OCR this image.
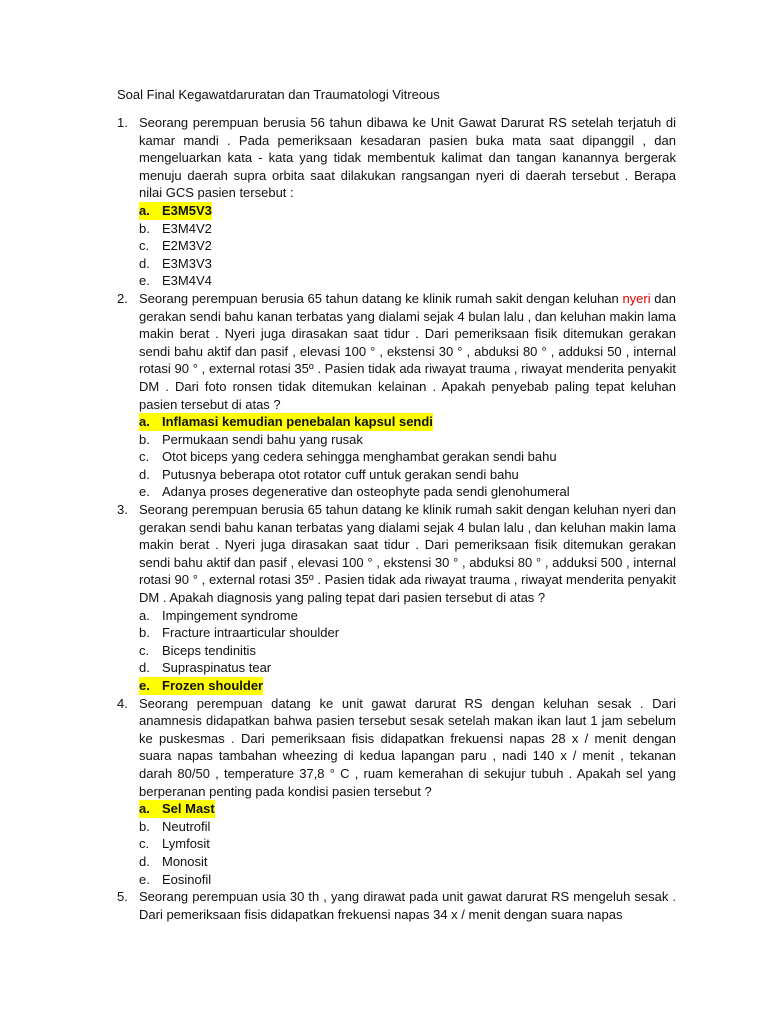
Soal Final Kegawatdaruratan dan Traumatologi Vitreous
1. Seorang perempuan berusia 56 tahun dibawa ke Unit Gawat Darurat RS setelah terjatuh di kamar mandi . Pada pemeriksaan kesadaran pasien buka mata saat dipanggil , dan mengeluarkan kata - kata yang tidak membentuk kalimat dan tangan kanannya bergerak menuju daerah supra orbita saat dilakukan rangsangan nyeri di daerah tersebut . Berapa nilai GCS pasien tersebut :
a. E3M5V3
b. E3M4V2
c. E2M3V2
d. E3M3V3
e. E3M4V4
2. Seorang perempuan berusia 65 tahun datang ke klinik rumah sakit dengan keluhan nyeri dan gerakan sendi bahu kanan terbatas yang dialami sejak 4 bulan lalu , dan keluhan makin lama makin berat . Nyeri juga dirasakan saat tidur . Dari pemeriksaan fisik ditemukan gerakan sendi bahu aktif dan pasif , elevasi 100 ° , ekstensi 30 ° , abduksi 80 ° , adduksi 50 , internal rotasi 90 ° , external rotasi 35º . Pasien tidak ada riwayat trauma , riwayat menderita penyakit DM . Dari foto ronsen tidak ditemukan kelainan . Apakah penyebab paling tepat keluhan pasien tersebut di atas ?
a. Inflamasi kemudian penebalan kapsul sendi
b. Permukaan sendi bahu yang rusak
c. Otot biceps yang cedera sehingga menghambat gerakan sendi bahu
d. Putusnya beberapa otot rotator cuff untuk gerakan sendi bahu
e. Adanya proses degenerative dan osteophyte pada sendi glenohumeral
3. Seorang perempuan berusia 65 tahun datang ke klinik rumah sakit dengan keluhan nyeri dan gerakan sendi bahu kanan terbatas yang dialami sejak 4 bulan lalu , dan keluhan makin lama makin berat . Nyeri juga dirasakan saat tidur . Dari pemeriksaan fisik ditemukan gerakan sendi bahu aktif dan pasif , elevasi 100 ° , ekstensi 30 ° , abduksi 80 ° , adduksi 500 , internal rotasi 90 ° , external rotasi 35º . Pasien tidak ada riwayat trauma , riwayat menderita penyakit DM . Apakah diagnosis yang paling tepat dari pasien tersebut di atas ?
a. Impingement syndrome
b. Fracture intraarticular shoulder
c. Biceps tendinitis
d. Supraspinatus tear
e. Frozen shoulder
4. Seorang perempuan datang ke unit gawat darurat RS dengan keluhan sesak . Dari anamnesis didapatkan bahwa pasien tersebut sesak setelah makan ikan laut 1 jam sebelum ke puskesmas . Dari pemeriksaan fisis didapatkan frekuensi napas 28 x / menit dengan suara napas tambahan wheezing di kedua lapangan paru , nadi 140 x / menit , tekanan darah 80/50 , temperature 37,8 ° C , ruam kemerahan di sekujur tubuh . Apakah sel yang berperanan penting pada kondisi pasien tersebut ?
a. Sel Mast
b. Neutrofil
c. Lymfosit
d. Monosit
e. Eosinofil
5. Seorang perempuan usia 30 th , yang dirawat pada unit gawat darurat RS mengeluh sesak . Dari pemeriksaan fisis didapatkan frekuensi napas 34 x / menit dengan suara napas
